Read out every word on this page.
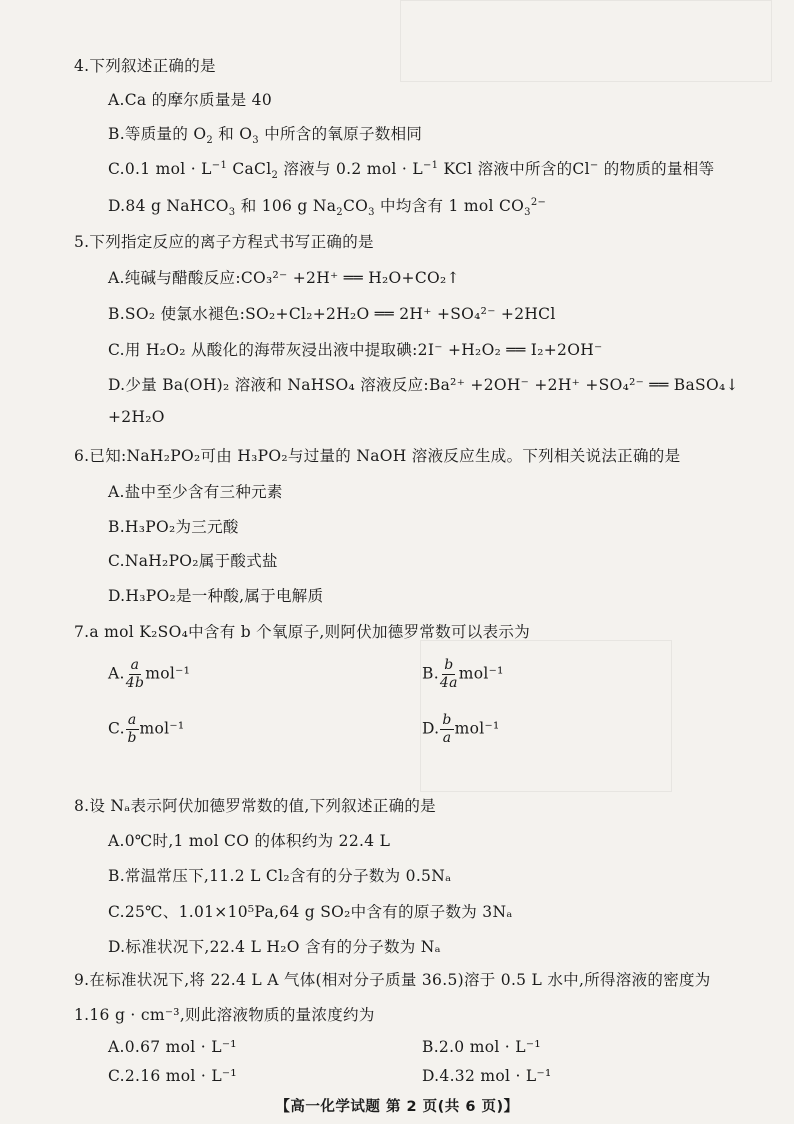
4.下列叙述正确的是
A.Ca 的摩尔质量是 40
B.等质量的 $O_2$ 和 $O_3$ 中所含的氧原子数相同
C.0.1 mol · $L^{-1}$ CaCl$_2$ 溶液与 0.2 mol · $L^{-1}$ KCl 溶液中所含的Cl− 的物质的量相等
D.84 g NaHCO$_3$ 和 106 g $Na_2CO_3$ 中均含有 1 mol $CO_3^{2-}$
5.下列指定反应的离子方程式书写正确的是
A.纯碱与醋酸反应:CO₃²⁻ +2H⁺ ══ H₂O+CO₂↑
B.SO₂ 使氯水褪色:SO₂+Cl₂+2H₂O ══ 2H⁺ +SO₄²⁻ +2HCl
C.用 H₂O₂ 从酸化的海带灰浸出液中提取碘:2I⁻ +H₂O₂ ══ I₂+2OH⁻
D.少量 Ba(OH)₂ 溶液和 NaHSO₄ 溶液反应:Ba²⁺ +2OH⁻ +2H⁺ +SO₄²⁻ ══ BaSO₄↓
+2H₂O
6.已知:NaH₂PO₂可由 H₃PO₂与过量的 NaOH 溶液反应生成。下列相关说法正确的是
A.盐中至少含有三种元素
B.H₃PO₂为三元酸
C.NaH₂PO₂属于酸式盐
D.H₃PO₂是一种酸,属于电解质
7.a mol K₂SO₄中含有 b 个氧原子,则阿伏加德罗常数可以表示为
A. $\frac{a}{4b} mol^{-1}$	B. $\frac{b}{4a} mol^{-1}$
C. $\frac{a}{b} mol^{-1}$	D. $\frac{b}{a} mol^{-1}$
8.设 Nₐ表示阿伏加德罗常数的值,下列叙述正确的是
A.0℃时,1 mol CO 的体积约为 22.4 L
B.常温常压下,11.2 L Cl₂含有的分子数为 0.5Nₐ
C.25℃、1.01×10⁵Pa,64 g SO₂中含有的原子数为 3Nₐ
D.标准状况下,22.4 L H₂O 含有的分子数为 Nₐ
9.在标准状况下,将 22.4 L A 气体(相对分子质量 36.5)溶于 0.5 L 水中,所得溶液的密度为
1.16 g · cm⁻³,则此溶液物质的量浓度约为
A.0.67 mol · L⁻¹	B.2.0 mol · L⁻¹
C.2.16 mol · L⁻¹	D.4.32 mol · L⁻¹
【高一化学试题 第 2 页(共 6 页)】
